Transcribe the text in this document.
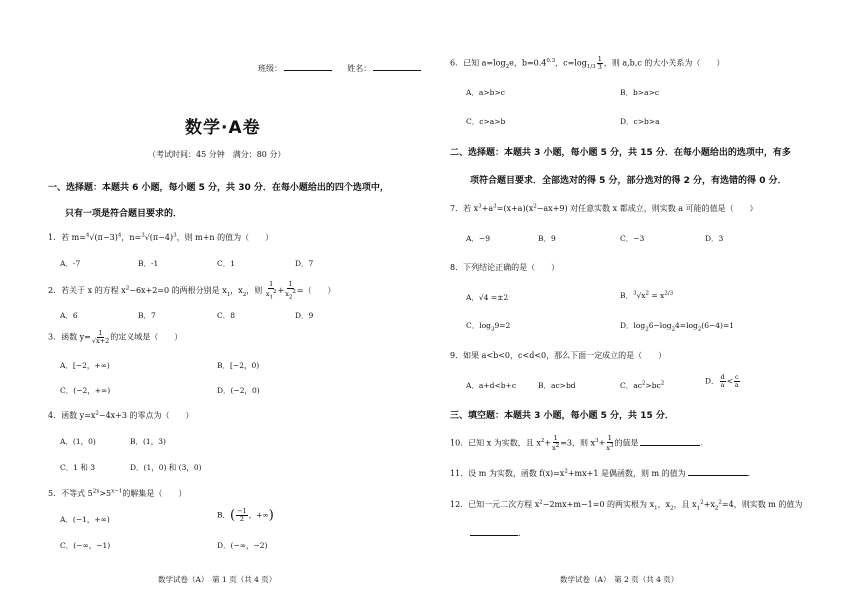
班级：	姓名：
数学·A卷
（考试时间：45 分钟　满分：80 分）
一、选择题：本题共 6 小题，每小题 5 分，共 30 分．在每小题给出的四个选项中，
只有一项是符合题目要求的．
1．若 $m=^4√(\pi-3)^4$，$n=^3√(\pi-4)^3$，则 m+n 的值为（　　）
A．-7	B．-1	C．1	D．7
2．若关于 x 的方程 $x^2-6x+2=0$ 的两根分别是 $x_1$，$x_2$，则 $\frac{1}{x_1^2} + \frac{1}{x_2^2}$ =（　　）
A．6	B．7	C．8	D．9
3．函数 $y= \frac{1}{√x+2}$ 的定义域是（　　）
A．[−2，+∞)	B．[−2，0)
C．(−2，+∞)	D．(−2，0)
4．函数 $y=x^2-4x+3$ 的零点为（　　）
A．(1，0)	B．(1，3)
C．1 和 3	D．(1，0) 和 (3，0)
5．不等式 $5^{2x}>5^{x-1}$的解集是（　　）
A．(−1，+∞)	B．( $\frac{-1}{2}$ ，+∞)
C．(−∞，−1)	D．(−∞，−2)
数学试卷（A）　第 1 页（共 4 页）
6．已知 $a=\log_2e$，$b=0.4^{0.3}$，$c=\log_{1/3} \frac{1}{3}$ ，则 a,b,c 的大小关系为（　　）
A．a>b>c	B．b>a>c
C．c>a>b	D．c>b>a
二、选择题：本题共 3 小题，每小题 5 分，共 15 分．在每小题给出的选项中，有多
项符合题目要求．全部选对的得 5 分，部分选对的得 2 分，有选错的得 0 分．
7．若 $x^3+a^3=(x+a)(x^2-ax+9)$ 对任意实数 x 都成立，则实数 a 可能的值是（　　）
A．−9	B．9	C．−3	D．3
8．下列结论正确的是（　　）
A．√4 =±2	B．$^3√x^2 = x^{2/3}$
C．$\log_39=2$	D．$\log_26-\log_24=\log_2(6-4)=1$
9．如果 a<b<0，c<d<0，那么下面一定成立的是（　　）
A．a+d<b+c	B．ac>bd	C．$ac^2>bc^2$	D． $\frac{d}{a} < \frac{c}{a}$
三、填空题：本题共 3 小题，每小题 5 分，共 15 分．
10．已知 x 为实数，且 $x^2+ \frac{1}{x^2} =3$，则 $x^3+ \frac{1}{x^3}$ 的值是	.
11．设 m 为实数，函数 $f(x)=x^2+mx+1$ 是偶函数，则 m 的值为	.
12．已知一元二次方程 $x^2-2mx+m-1=0$ 的两实根为 $x_1$，$x_2$，且 $x_1^2+x_2^2=4$，则实数 m 的值为
.
数学试卷（A）　第 2 页（共 4 页）
